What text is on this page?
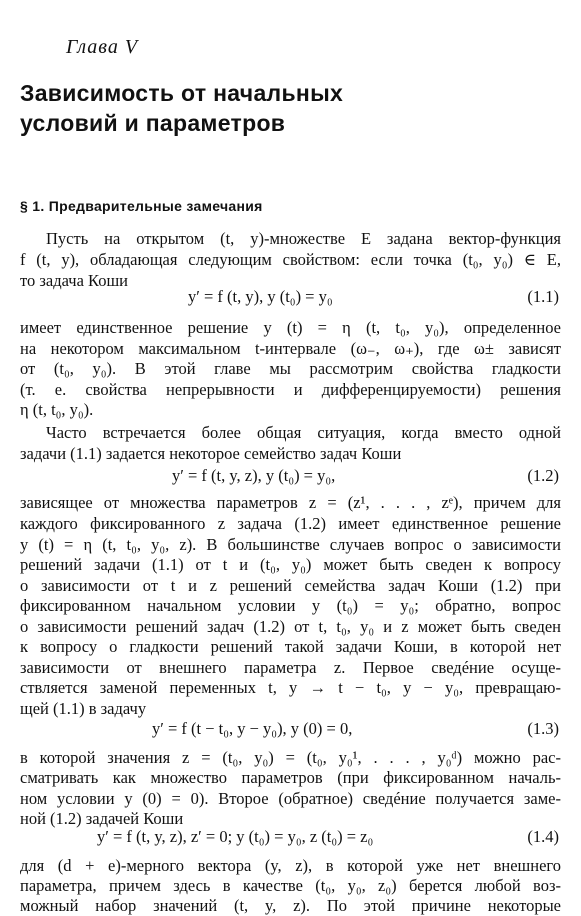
Глава V
Зависимость от начальных
условий и параметров
§ 1. Предварительные замечания
Пусть на открытом (t, y)-множестве E задана вектор-функция
f (t, y), обладающая следующим свойством: если точка (t₀, y₀) ∈ E,
то задача Коши
y′ = f (t, y), y (t₀) = y₀	(1.1)
имеет единственное решение y (t) = η (t, t₀, y₀), определенное
на некотором максимальном t-интервале (ω₋, ω₊), где ω± зависят
от (t₀, y₀). В этой главе мы рассмотрим свойства гладкости
(т. е. свойства непрерывности и дифференцируемости) решения
η (t, t₀, y₀).
Часто встречается более общая ситуация, когда вместо одной
задачи (1.1) задается некоторое семейство задач Коши
y′ = f (t, y, z), y (t₀) = y₀,	(1.2)
зависящее от множества параметров z = (z¹, . . . , zᵉ), причем для
каждого фиксированного z задача (1.2) имеет единственное решение
y (t) = η (t, t₀, y₀, z). В большинстве случаев вопрос о зависимости
решений задачи (1.1) от t и (t₀, y₀) может быть сведен к вопросу
о зависимости от t и z решений семейства задач Коши (1.2) при
фиксированном начальном условии y (t₀) = y₀; обратно, вопрос
о зависимости решений задач (1.2) от t, t₀, y₀ и z может быть сведен
к вопросу о гладкости решений такой задачи Коши, в которой нет
зависимости от внешнего параметра z. Первое сведéние осуще-
ствляется заменой переменных t, y → t − t₀, y − y₀, превращаю-
щей (1.1) в задачу
y′ = f (t − t₀, y − y₀), y (0) = 0,	(1.3)
в которой значения z = (t₀, y₀) = (t₀, y₀¹, . . . , y₀ᵈ) можно рас-
сматривать как множество параметров (при фиксированном началь-
ном условии y (0) = 0). Второе (обратное) сведéние получается заме-
ной (1.2) задачей Коши
y′ = f (t, y, z), z′ = 0; y (t₀) = y₀, z (t₀) = z₀	(1.4)
для (d + e)-мерного вектора (y, z), в которой уже нет внешнего
параметра, причем здесь в качестве (t₀, y₀, z₀) берется любой воз-
можный набор значений (t, y, z). По этой причине некоторые
